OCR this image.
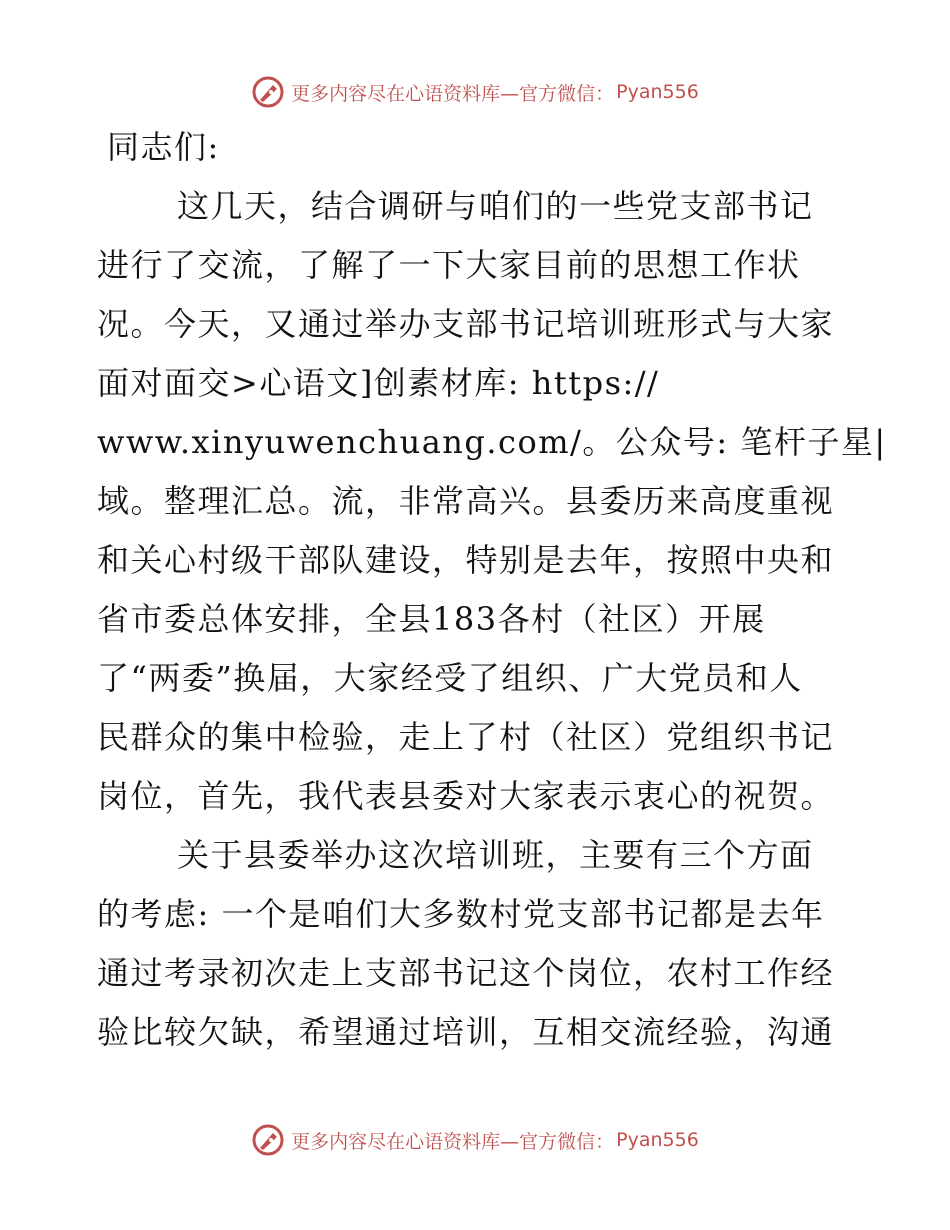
更多内容尽在心语资料库—官方微信： Pyan556
同志们:
这几天，结合调研与咱们的一些党支部书记
进行了交流，了解了一下大家目前的思想工作状
况。今天，又通过举办支部书记培训班形式与大家
面对面交>心语文]创素材库: https://
www.xinyuwenchuang.com/。公众号: 笔杆子星|
域。整理汇总。流，非常高兴。县委历来高度重视
和关心村级干部队建设，特别是去年，按照中央和
省市委总体安排，全县183各村（社区）开展
了“两委”换届，大家经受了组织、广大党员和人
民群众的集中检验，走上了村（社区）党组织书记
岗位，首先，我代表县委对大家表示衷心的祝贺。
关于县委举办这次培训班，主要有三个方面
的考虑: 一个是咱们大多数村党支部书记都是去年
通过考录初次走上支部书记这个岗位，农村工作经
验比较欠缺，希望通过培训，互相交流经验，沟通
更多内容尽在心语资料库—官方微信： Pyan556
